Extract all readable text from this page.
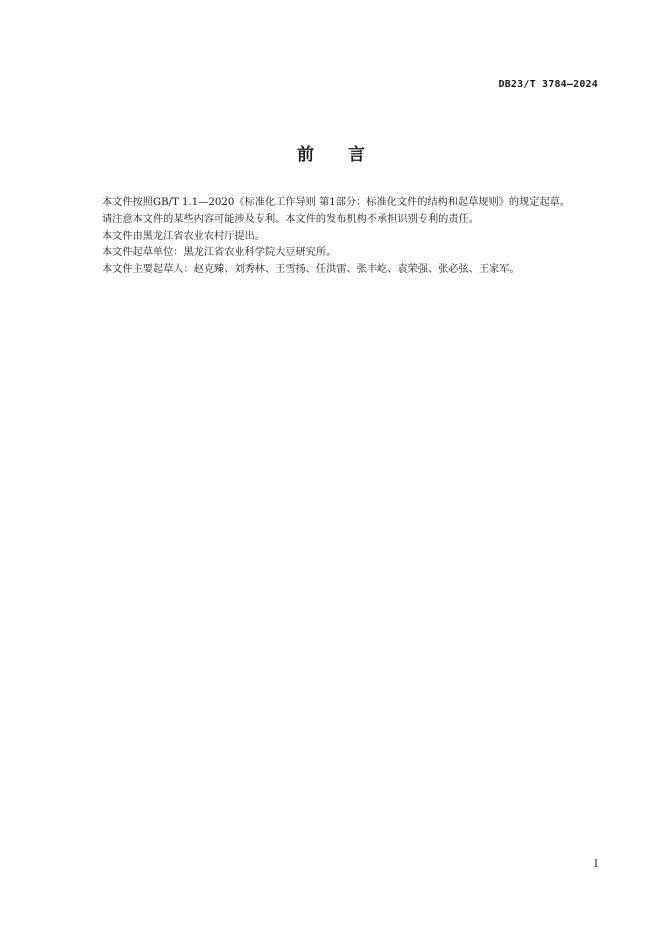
DB23/T 3784—2024
前 言

本文件按照GB/T 1.1—2020《标准化工作导则 第1部分：标准化文件的结构和起草规则》的规定起草。

请注意本文件的某些内容可能涉及专利。本文件的发布机构不承担识别专利的责任。

本文件由黑龙江省农业农村厅提出。

本文件起草单位：黑龙江省农业科学院大豆研究所。

本文件主要起草人：赵克臻、刘秀林、王雪扬、任洪雷、张丰屹、袁荣强、张必弦、王家军。

I
